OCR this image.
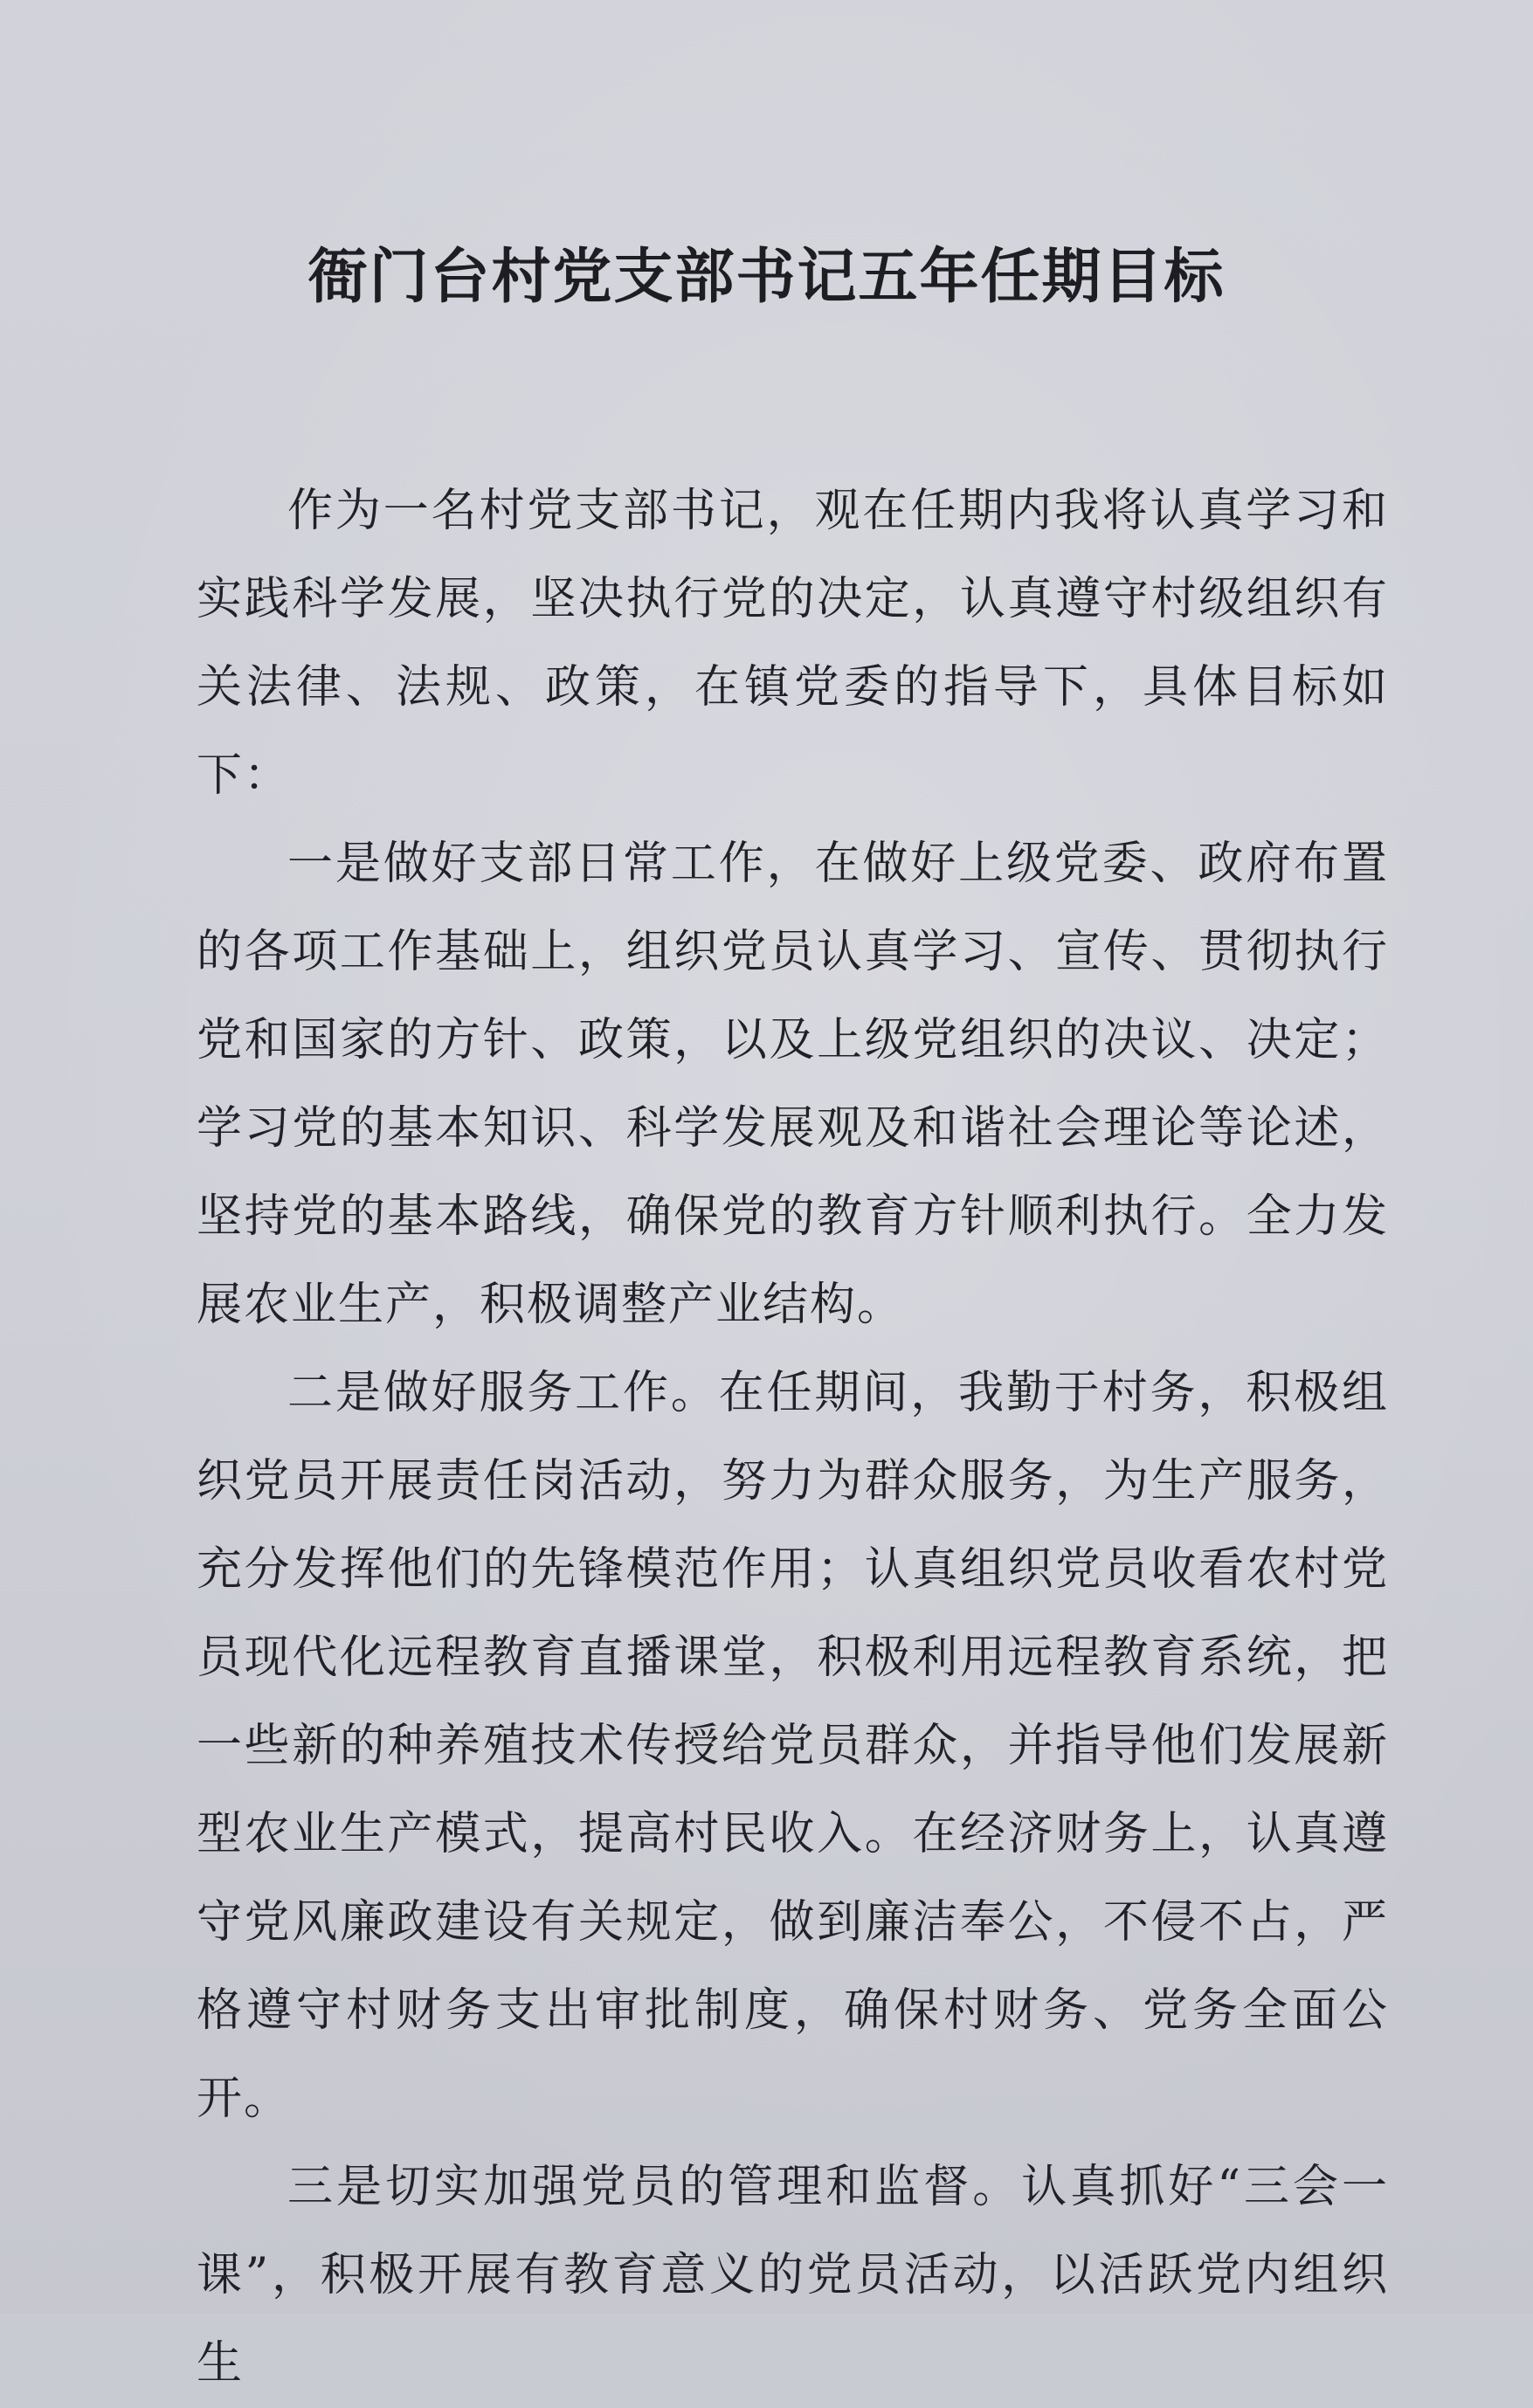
衙门台村党支部书记五年任期目标

作为一名村党支部书记，观在任期内我将认真学习和实践科学发展，坚决执行党的决定，认真遵守村级组织有关法律、法规、政策，在镇党委的指导下，具体目标如下：

一是做好支部日常工作，在做好上级党委、政府布置的各项工作基础上，组织党员认真学习、宣传、贯彻执行党和国家的方针、政策，以及上级党组织的决议、决定；学习党的基本知识、科学发展观及和谐社会理论等论述，坚持党的基本路线，确保党的教育方针顺利执行。全力发展农业生产，积极调整产业结构。

二是做好服务工作。在任期间，我勤于村务，积极组织党员开展责任岗活动，努力为群众服务，为生产服务，充分发挥他们的先锋模范作用；认真组织党员收看农村党员现代化远程教育直播课堂，积极利用远程教育系统，把一些新的种养殖技术传授给党员群众，并指导他们发展新型农业生产模式，提高村民收入。在经济财务上，认真遵守党风廉政建设有关规定，做到廉洁奉公，不侵不占，严格遵守村财务支出审批制度，确保村财务、党务全面公开。

三是切实加强党员的管理和监督。认真抓好“三会一课”，积极开展有教育意义的党员活动，以活跃党内组织生
